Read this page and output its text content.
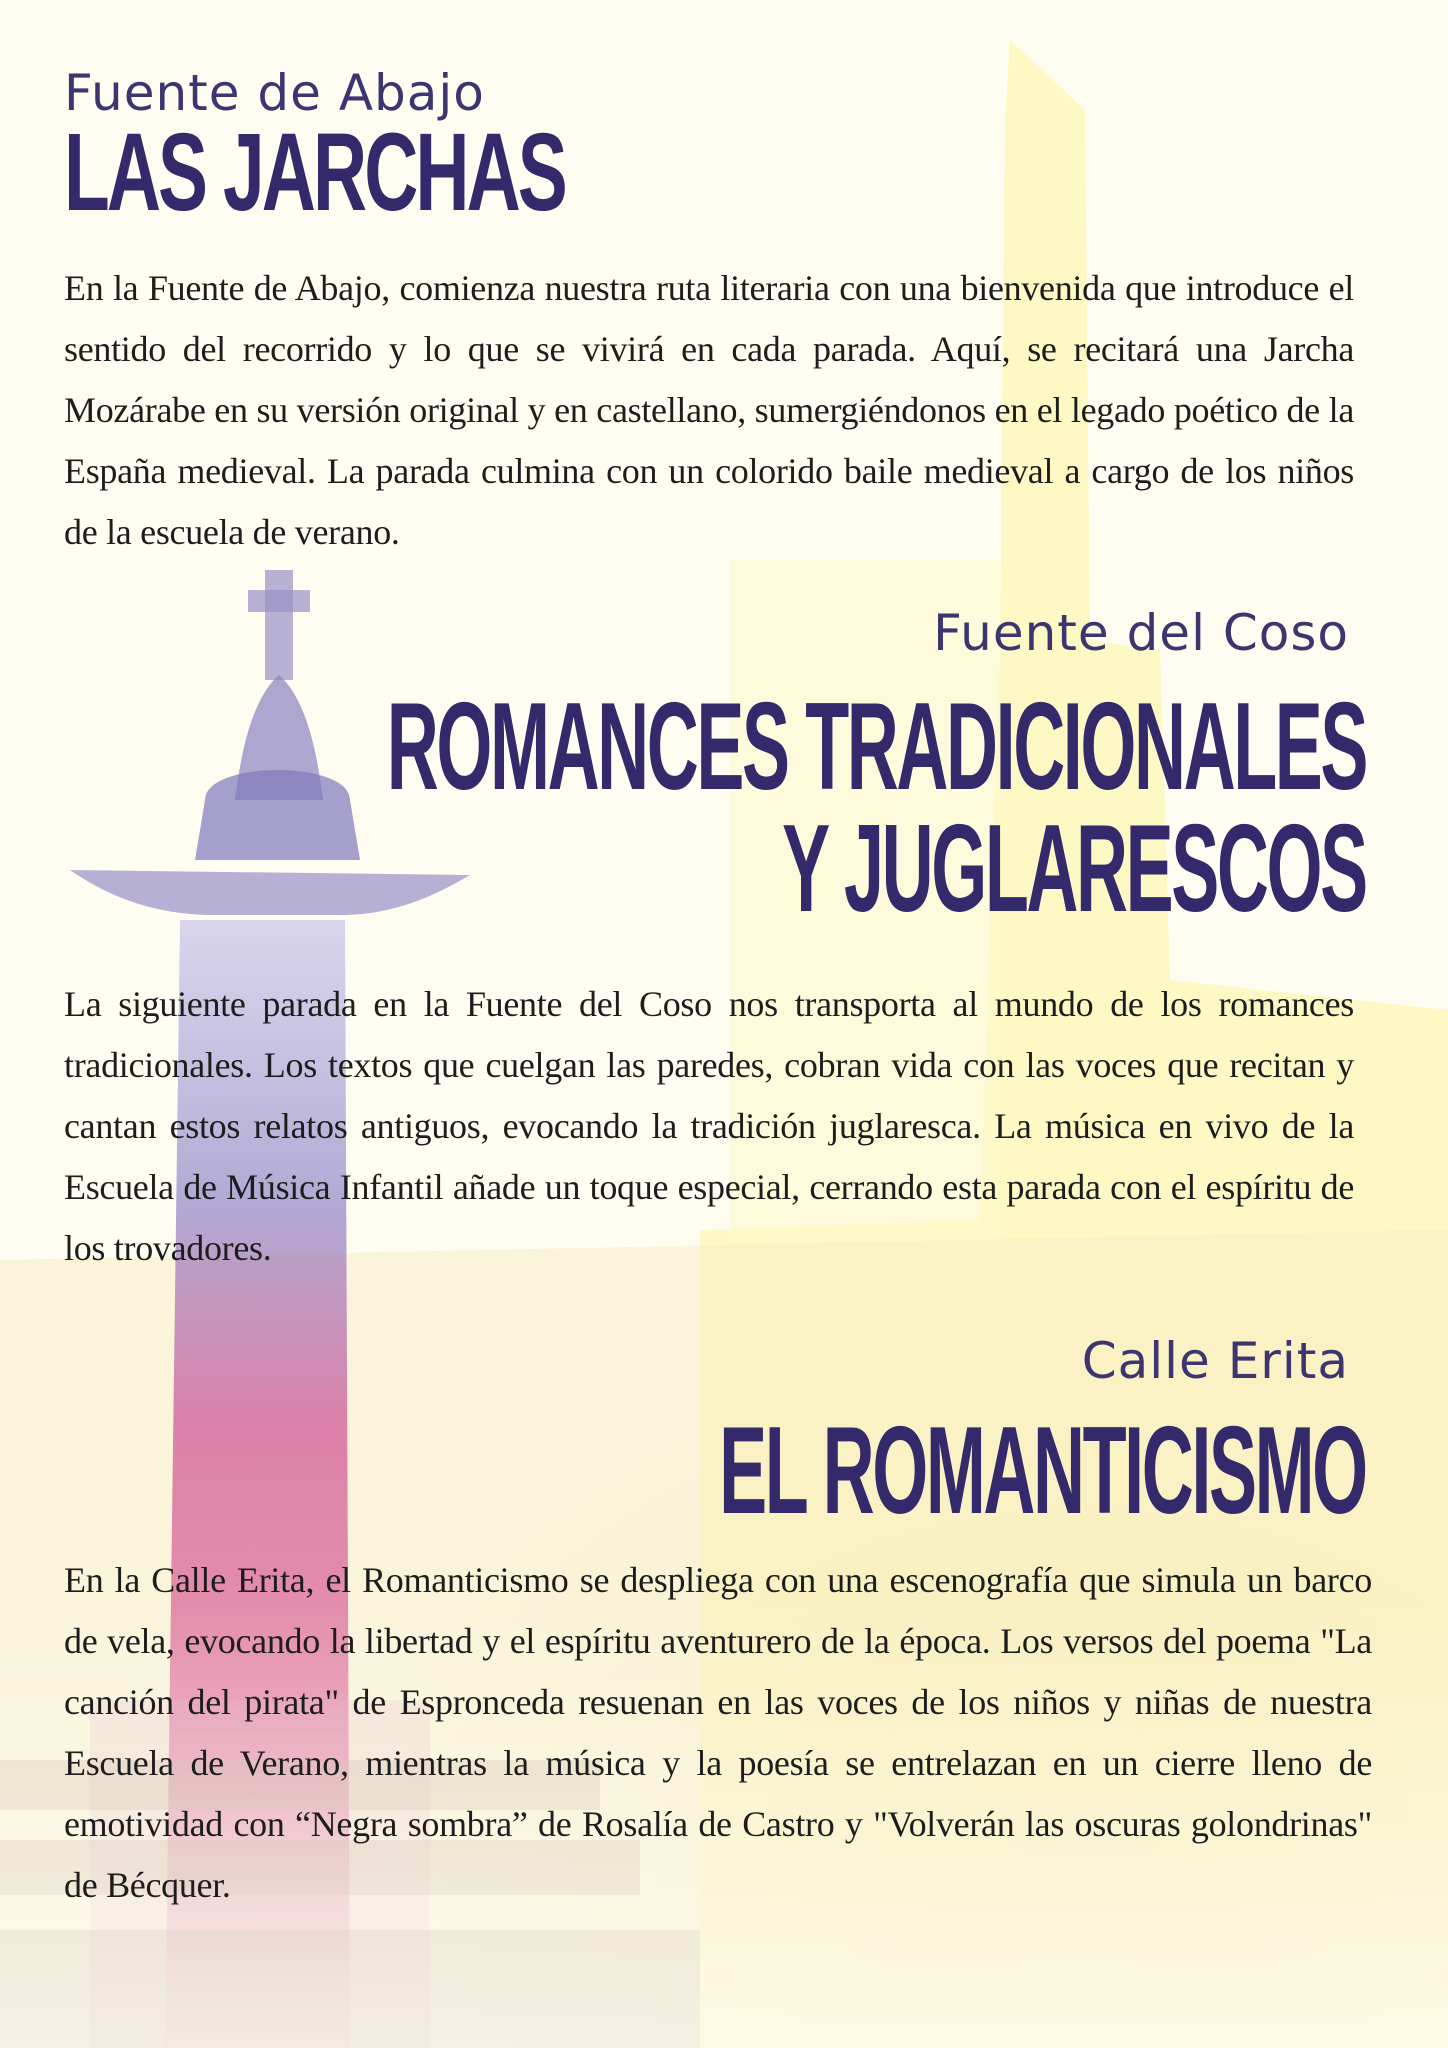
Fuente de Abajo
LAS JARCHAS

En la Fuente de Abajo, comienza nuestra ruta literaria con una bienvenida que introduce el sentido del recorrido y lo que se vivirá en cada parada. Aquí, se recitará una Jarcha Mozárabe en su versión original y en castellano, sumergiéndonos en el legado poético de la España medieval. La parada culmina con un colorido baile medieval a cargo de los niños de la escuela de verano.

Fuente del Coso
ROMANCES TRADICIONALES
Y JUGLARESCOS

La siguiente parada en la Fuente del Coso nos transporta al mundo de los romances tradicionales. Los textos que cuelgan las paredes, cobran vida con las voces que recitan y cantan estos relatos antiguos, evocando la tradición juglaresca. La música en vivo de la Escuela de Música Infantil añade un toque especial, cerrando esta parada con el espíritu de los trovadores.

Calle Erita
EL ROMANTICISMO

En la Calle Erita, el Romanticismo se despliega con una escenografía que simula un barco de vela, evocando la libertad y el espíritu aventurero de la época. Los versos del poema "La canción del pirata" de Espronceda resuenan en las voces de los niños y niñas de nuestra Escuela de Verano, mientras la música y la poesía se entrelazan en un cierre lleno de emotividad con “Negra sombra” de Rosalía de Castro y "Volverán las oscuras golondrinas" de Bécquer.
